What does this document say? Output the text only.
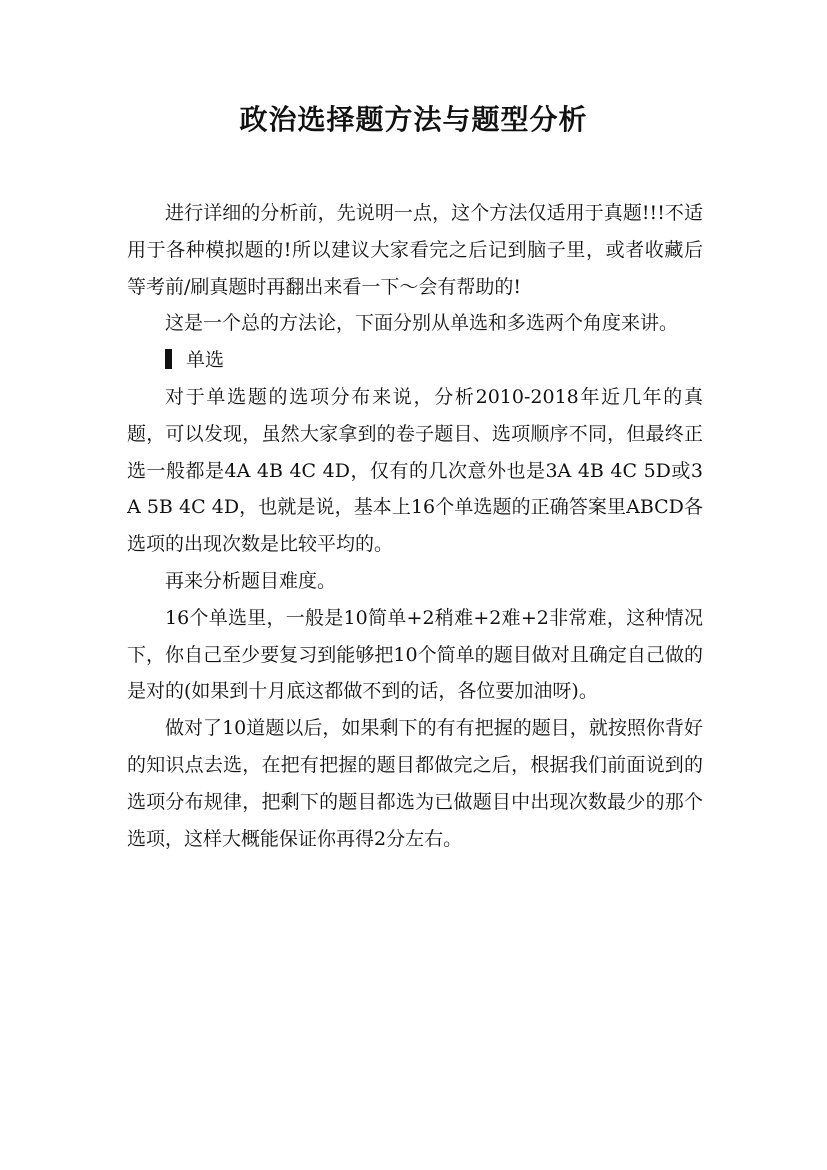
政治选择题方法与题型分析

进行详细的分析前，先说明一点，这个方法仅适用于真题!!!不适用于各种模拟题的!所以建议大家看完之后记到脑子里，或者收藏后等考前/刷真题时再翻出来看一下～会有帮助的!

这是一个总的方法论，下面分别从单选和多选两个角度来讲。

单选

对于单选题的选项分布来说，分析2010-2018年近几年的真题，可以发现，虽然大家拿到的卷子题目、选项顺序不同，但最终正选一般都是4A 4B 4C 4D，仅有的几次意外也是3A 4B 4C 5D或3A 5B 4C 4D，也就是说，基本上16个单选题的正确答案里ABCD各选项的出现次数是比较平均的。

再来分析题目难度。

16个单选里，一般是10简单+2稍难+2难+2非常难，这种情况下，你自己至少要复习到能够把10个简单的题目做对且确定自己做的是对的(如果到十月底这都做不到的话，各位要加油呀)。

做对了10道题以后，如果剩下的有有把握的题目，就按照你背好的知识点去选，在把有把握的题目都做完之后，根据我们前面说到的选项分布规律，把剩下的题目都选为已做题目中出现次数最少的那个选项，这样大概能保证你再得2分左右。
